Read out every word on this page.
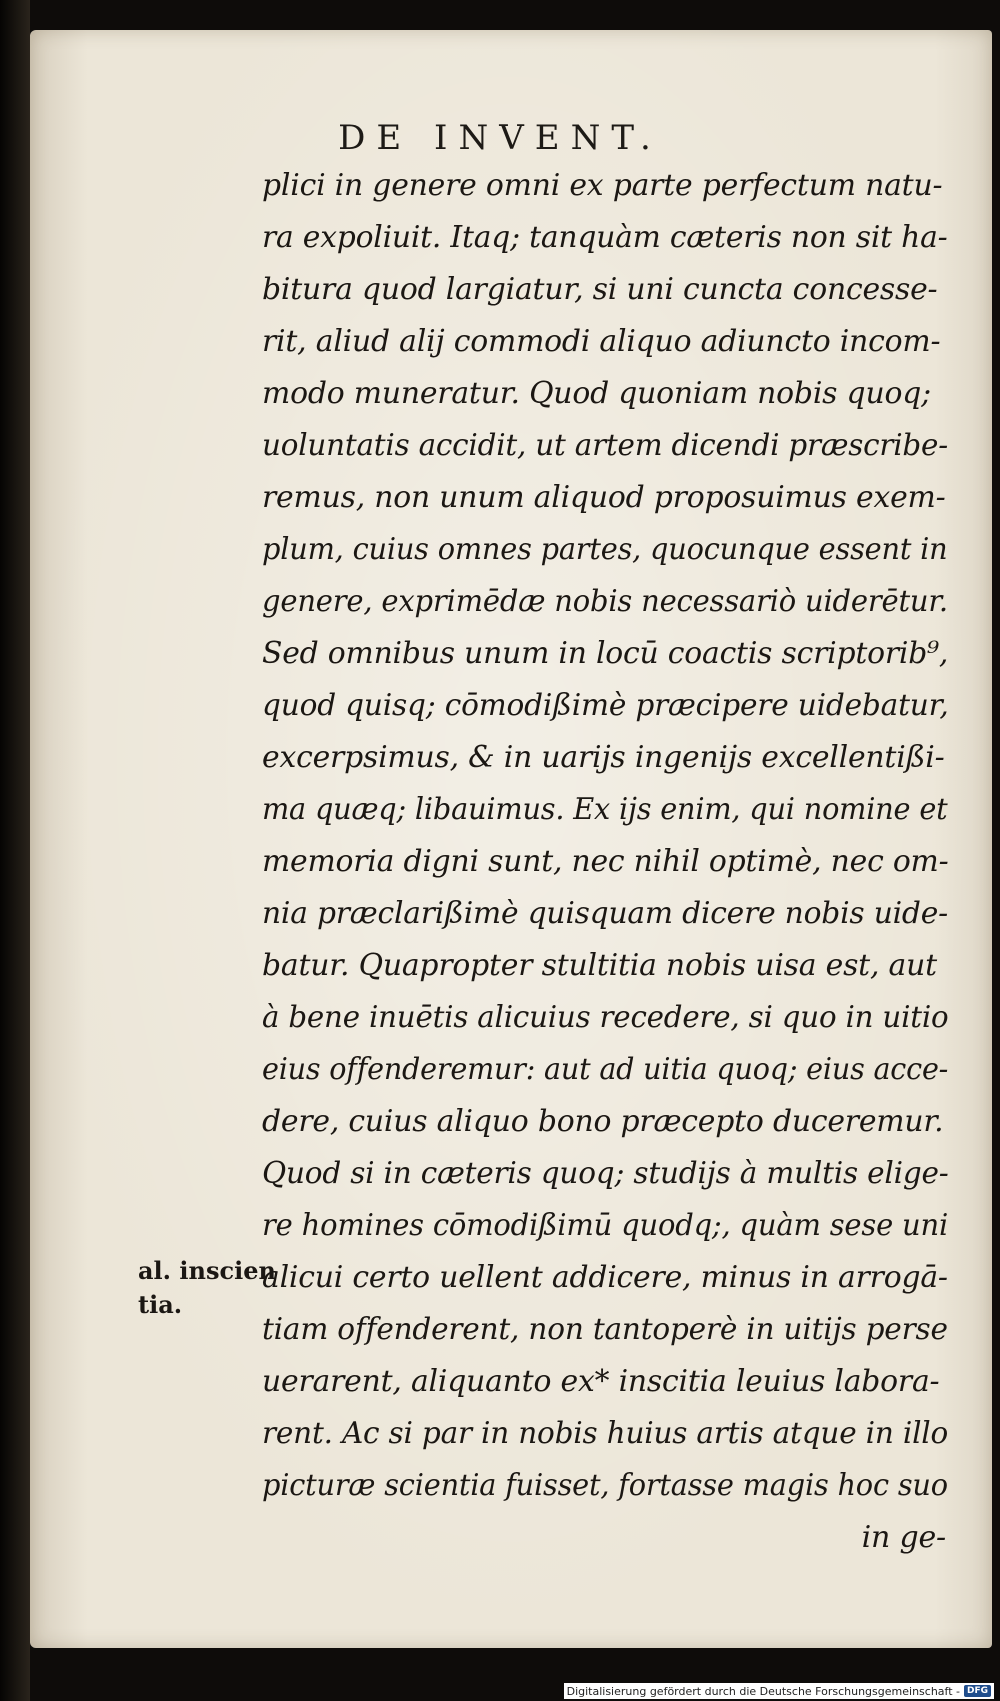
DE INVENT.
plici in genere omni ex parte perfectum natu-
ra expoliuit. Itaq; tanquàm cæteris non sit ha-
bitura quod largiatur, si uni cuncta concesse-
rit, aliud alij commodi aliquo adiuncto incom-
modo muneratur. Quod quoniam nobis quoq;
uoluntatis accidit, ut artem dicendi præscribe-
remus, non unum aliquod proposuimus exem-
plum, cuius omnes partes, quocunque essent in
genere, exprimēdæ nobis necessariò uiderētur.
Sed omnibus unum in locū coactis scriptorib⁹,
quod quisq; cōmodißimè præcipere uidebatur,
excerpsimus, & in uarijs ingenijs excellentißi-
ma quæq; libauimus. Ex ijs enim, qui nomine et
memoria digni sunt, nec nihil optimè, nec om-
nia præclarißimè quisquam dicere nobis uide-
batur. Quapropter stultitia nobis uisa est, aut
à bene inuētis alicuius recedere, si quo in uitio
eius offenderemur: aut ad uitia quoq; eius acce-
dere, cuius aliquo bono præcepto duceremur.
Quod si in cæteris quoq; studijs à multis elige-
re homines cōmodißimū quodq;, quàm sese uni
alicui certo uellent addicere, minus in arrogā-
tiam offenderent, non tantoperè in uitijs perse
uerarent, aliquanto ex* inscitia leuius labora-
rent. Ac si par in nobis huius artis atque in illo
picturæ scientia fuisset, fortasse magis hoc suo
in ge-
al. inscien
tia.
Digitalisierung gefördert durch die Deutsche Forschungsgemeinschaft - DFG
